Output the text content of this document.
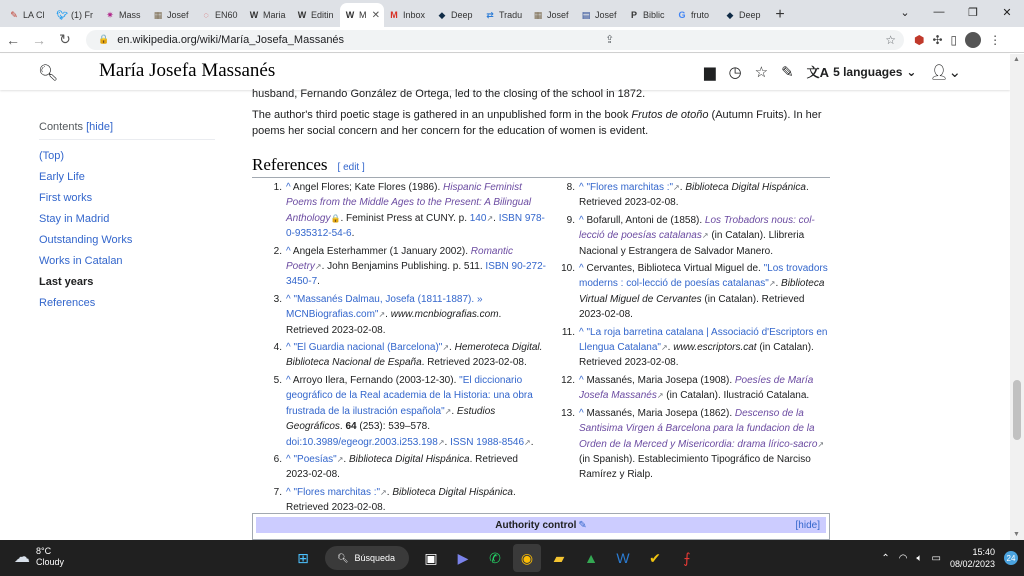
✎ LA Cl 🐦︎ (1) Fr ✷ Mass ▦ Josef	◌ EN60 W Maria W Editin W M ✕ M Inbox ◆ Deep ⇄ Tradu ▦ Josef ▤ Josef	P Biblic G fruto ◆ Deep +	⌄	—	❐	✕
← → ↻	🔒 en.wikipedia.org/wiki/María_Josefa_Massanés	⇪	☆ ⬢ ✣ ▯	⋮
🔍︎ María Josefa Massanés	▆ ◷ ☆ ✎ 文A 5 languages ⌄ 👤︎⌄
husband, Fernando González de Ortega, led to the closing of the school in 1872.
The author's third poetic stage is gathered in an unpublished form in the book Frutos de otoño (Autumn Fruits). In her poems her social concern and her concern for the education of women is evident.
Contents [hide]
(Top)
Early Life
First works
Stay in Madrid
Outstanding Works
Works in Catalan
Last years
References
References [ edit ]
1. ^ Angel Flores; Kate Flores (1986). Hispanic Feminist Poems from the Middle Ages to the Present: A Bilingual Anthology🔒. Feminist Press at CUNY. p. 140↗. ISBN 978-0-935312-54-6.
2. ^ Angela Esterhammer (1 January 2002). Romantic Poetry↗. John Benjamins Publishing. p. 511. ISBN 90-272-3450-7.
3. ^ "Massanés Dalmau, Josefa (1811-1887). » MCNBiografias.com"↗. www.mcnbiografias.com. Retrieved 2023-02-08.
4. ^ "El Guardia nacional (Barcelona)"↗. Hemeroteca Digital. Biblioteca Nacional de España. Retrieved 2023-02-08.
5. ^ Arroyo Ilera, Fernando (2003-12-30). "El diccionario geográfico de la Real academia de la Historia: una obra frustrada de la ilustración española"↗. Estudios Geográficos. 64 (253): 539–578. doi:10.3989/egeogr.2003.i253.198↗. ISSN 1988-8546↗.
6. ^ "Poesías"↗. Biblioteca Digital Hispánica. Retrieved 2023-02-08.
7. ^ "Flores marchitas :"↗. Biblioteca Digital Hispánica. Retrieved 2023-02-08.
8. ^ "Flores marchitas :"↗. Biblioteca Digital Hispánica. Retrieved 2023-02-08.
9. ^ Bofarull, Antoni de (1858). Los Trobadors nous: col-lecció de poesías catalanas↗ (in Catalan). Llibreria Nacional y Estrangera de Salvador Manero.
10. ^ Cervantes, Biblioteca Virtual Miguel de. "Los trovadors moderns : col-lecció de poesías catalanas"↗. Biblioteca Virtual Miguel de Cervantes (in Catalan). Retrieved 2023-02-08.
11. ^ "La roja barretina catalana | Associació d'Escriptors en Llengua Catalana"↗. www.escriptors.cat (in Catalan). Retrieved 2023-02-08.
12. ^ Massanés, Maria Josepa (1908). Poesíes de María Josefa Massanés↗ (in Catalan). Ilustració Catalana.
13. ^ Massanés, Maria Josepa (1862). Descenso de la Santisima Virgen á Barcelona para la fundacion de la Orden de la Merced y Misericordia: drama lírico-sacro↗ (in Spanish). Establecimiento Tipográfico de Narciso Ramírez y Rialp.
Authority control ✎	[hide]
▲
▼
☁ 8°C
Cloudy	⊞	🔍︎ Búsqueda	▣	▶	✆	◉	▰	▲	W	✔	⨍	⌃ ◠ 🔈︎ ▭
15:40
08/02/2023
24
